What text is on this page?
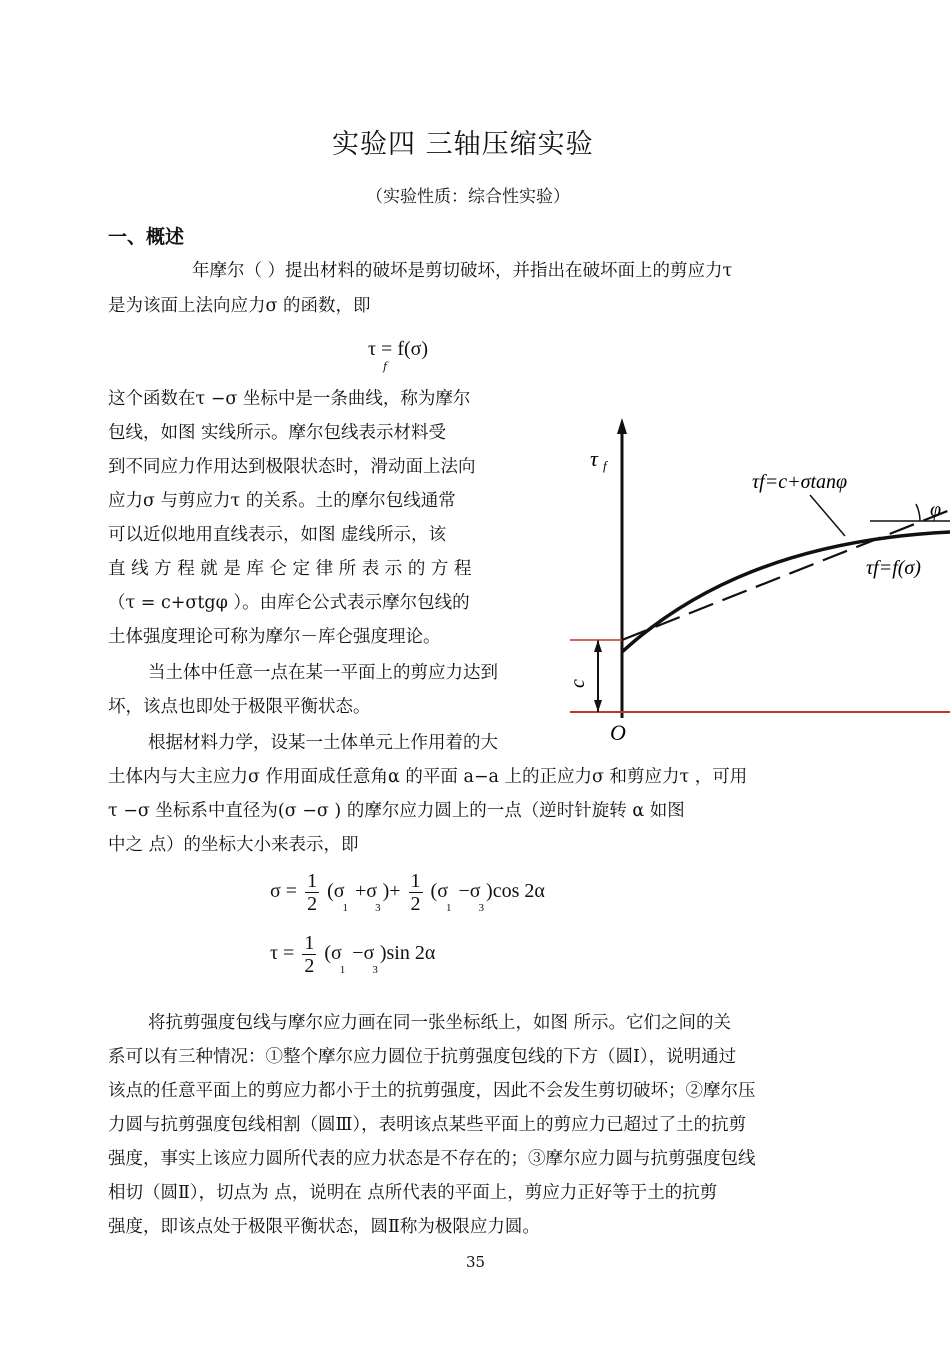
实验四 三轴压缩实验
（实验性质：综合性实验）
一、概述
年摩尔（ ）提出材料的破坏是剪切破坏，并指出在破坏面上的剪应力τ
是为该面上法向应力σ 的函数，即
τ = f(σ)
f
这个函数在τ −σ 坐标中是一条曲线，称为摩尔
包线，如图 实线所示。摩尔包线表示材料受
到不同应力作用达到极限状态时，滑动面上法向
应力σ 与剪应力τ 的关系。土的摩尔包线通常
可以近似地用直线表示，如图 虚线所示，该
直 线 方 程 就 是 库 仑 定 律 所 表 示 的 方 程
（τ = c+σtgφ ）。由库仑公式表示摩尔包线的
土体强度理论可称为摩尔－库仑强度理论。
当土体中任意一点在某一平面上的剪应力达到
坏，该点也即处于极限平衡状态。
根据材料力学，设某一土体单元上作用着的大
土体内与大主应力σ 作用面成任意角α 的平面 a−a 上的正应力σ 和剪应力τ ，可用
τ −σ 坐标系中直径为(σ −σ ) 的摩尔应力圆上的一点（逆时针旋转 α 如图
中之 点）的坐标大小来表示，即
$\sigma = \frac{1}{2} (\sigma_1 +\sigma_3)+ \frac{1}{2} (\sigma_1 -\sigma_3)\cos$ 2α
$\tau = \frac{1}{2} (\sigma_1 -\sigma_3)\sin$ 2α
将抗剪强度包线与摩尔应力画在同一张坐标纸上，如图 所示。它们之间的关
系可以有三种情况：①整个摩尔应力圆位于抗剪强度包线的下方（圆Ⅰ），说明通过
该点的任意平面上的剪应力都小于土的抗剪强度，因此不会发生剪切破坏；②摩尔压
力圆与抗剪强度包线相割（圆Ⅲ），表明该点某些平面上的剪应力已超过了土的抗剪
强度，事实上该应力圆所代表的应力状态是不存在的；③摩尔应力圆与抗剪强度包线
相切（圆Ⅱ），切点为 点，说明在 点所代表的平面上，剪应力正好等于土的抗剪
强度，即该点处于极限平衡状态，圆Ⅱ称为极限应力圆。
35
τ f
O
c
φ
τf=c+σtanφ
τf=f(σ)
